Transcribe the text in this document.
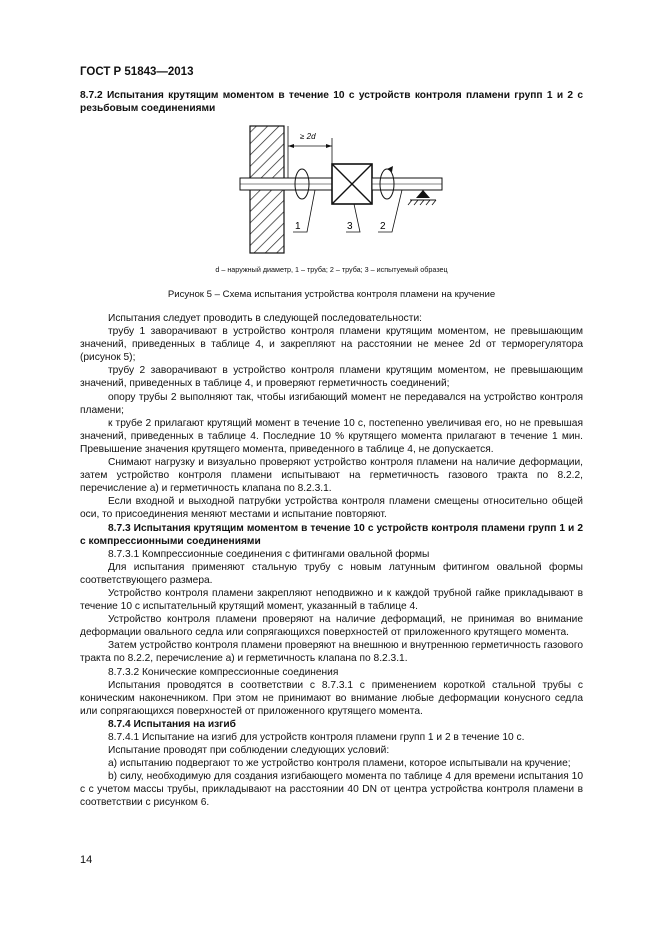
ГОСТ Р 51843—2013
8.7.2 Испытания крутящим моментом в течение 10 с устройств контроля пламени групп 1 и 2 с резьбовым соединениями
≥ 2d
1	3	2
d – наружный диаметр, 1 – труба; 2 – труба; 3 – испытуемый образец
Рисунок 5 – Схема испытания устройства контроля пламени на кручение

Испытания следует проводить в следующей последовательности:

трубу 1 заворачивают в устройство контроля пламени крутящим моментом, не превышающим значений, приведенных в таблице 4, и закрепляют на расстоянии не менее 2d от терморегулятора (рисунок 5);

трубу 2 заворачивают в устройство контроля пламени крутящим моментом, не превышающим значений, приведенных в таблице 4, и проверяют герметичность соединений;

опору трубы 2 выполняют так, чтобы изгибающий момент не передавался на устройство контроля пламени;

к трубе 2 прилагают крутящий момент в течение 10 с, постепенно увеличивая его, но не превышая значений, приведенных в таблице 4. Последние 10 % крутящего момента прилагают в течение 1 мин. Превышение значения крутящего момента, приведенного в таблице 4, не допускается.

Снимают нагрузку и визуально проверяют устройство контроля пламени на наличие деформации, затем устройство контроля пламени испытывают на герметичность газового тракта по 8.2.2, перечисление а) и герметичность клапана по 8.2.3.1.

Если входной и выходной патрубки устройства контроля пламени смещены относительно общей оси, то присоединения меняют местами и испытание повторяют.

8.7.3 Испытания крутящим моментом в течение 10 с устройств контроля пламени групп 1 и 2 с компрессионными соединениями

8.7.3.1 Компрессионные соединения с фитингами овальной формы

Для испытания применяют стальную трубу с новым латунным фитингом овальной формы соответствующего размера.

Устройство контроля пламени закрепляют неподвижно и к каждой трубной гайке прикладывают в течение 10 с испытательный крутящий момент, указанный в таблице 4.

Устройство контроля пламени проверяют на наличие деформаций, не принимая во внимание деформации овального седла или сопрягающихся поверхностей от приложенного крутящего момента.

Затем устройство контроля пламени проверяют на внешнюю и внутреннюю герметичность газового тракта по 8.2.2, перечисление а) и герметичность клапана по 8.2.3.1.

8.7.3.2 Конические компрессионные соединения

Испытания проводятся в соответствии с 8.7.3.1 с применением короткой стальной трубы с коническим наконечником. При этом не принимают во внимание любые деформации конусного седла или сопрягающихся поверхностей от приложенного крутящего момента.

8.7.4 Испытания на изгиб

8.7.4.1 Испытание на изгиб для устройств контроля пламени групп 1 и 2 в течение 10 с.

Испытание проводят при соблюдении следующих условий:

a) испытанию подвергают то же устройство контроля пламени, которое испытывали на кручение;

b) силу, необходимую для создания изгибающего момента по таблице 4 для времени испытания 10 с с учетом массы трубы, прикладывают на расстоянии 40 DN от центра устройства контроля пламени в соответствии с рисунком 6.

14
